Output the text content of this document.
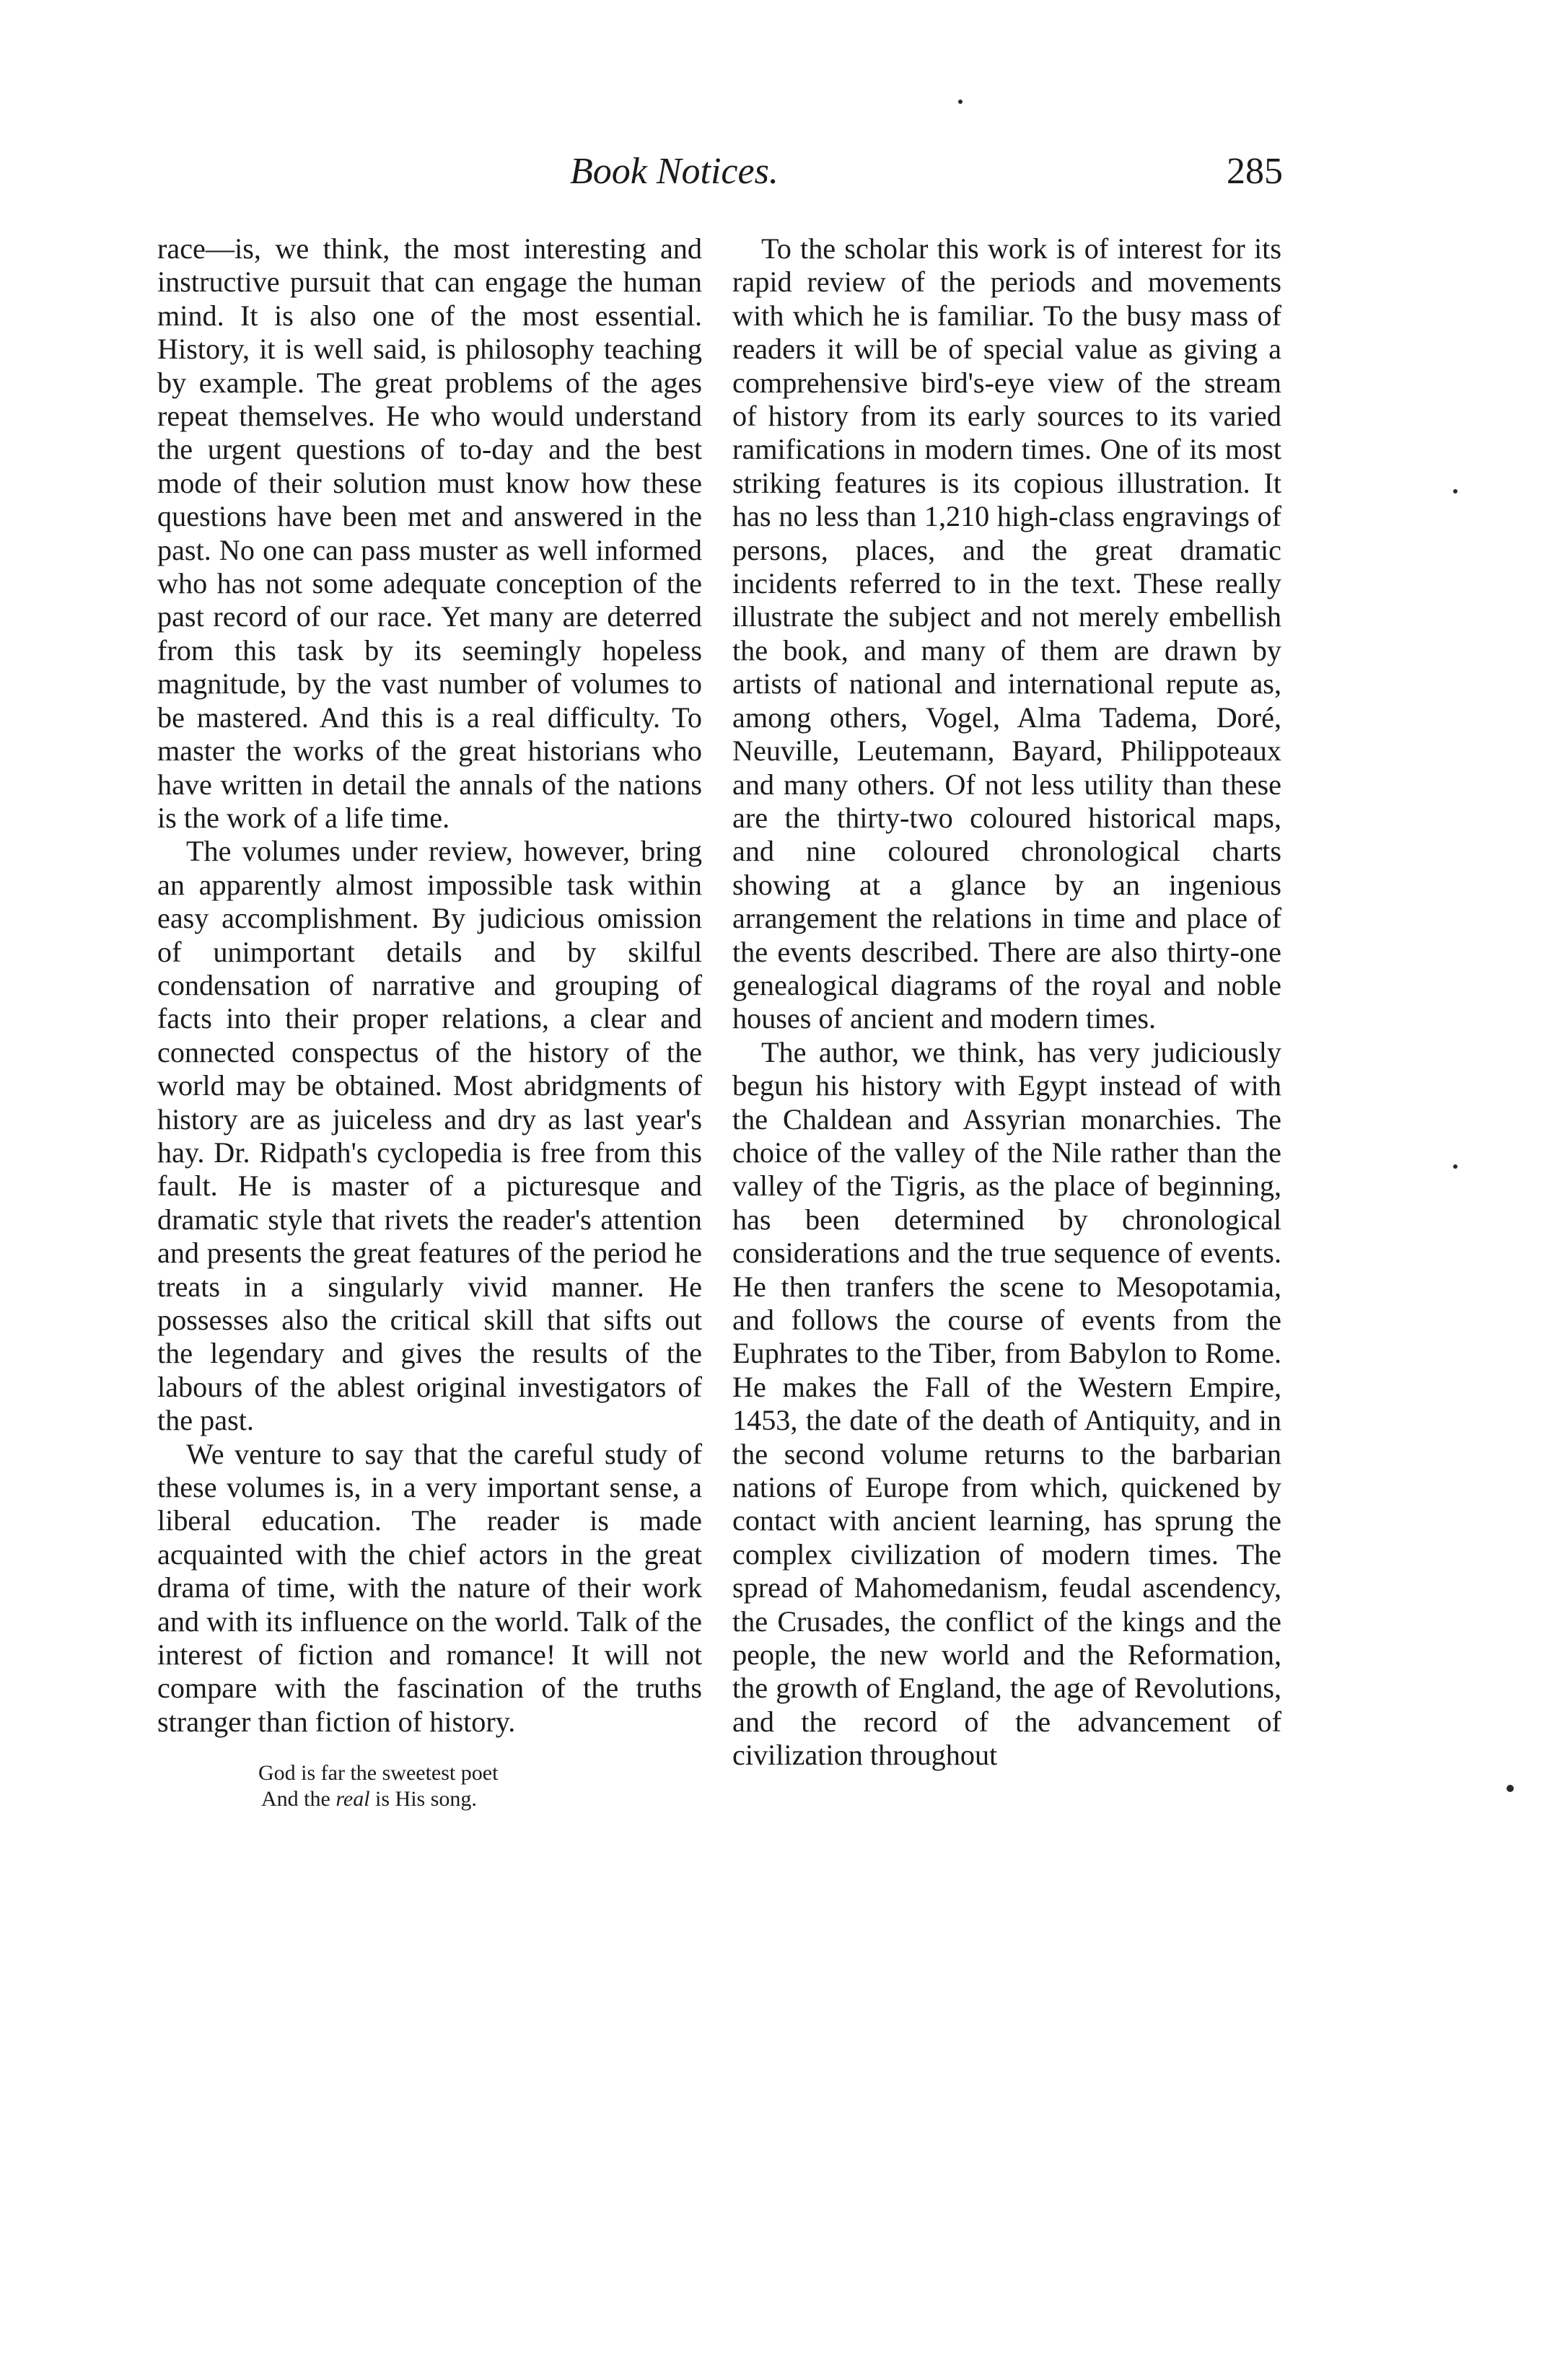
Book Notices.	285

race—is, we think, the most interesting and instructive pursuit that can engage the human mind. It is also one of the most essential. History, it is well said, is philosophy teaching by example. The great problems of the ages repeat themselves. He who would understand the urgent questions of to-day and the best mode of their solution must know how these questions have been met and answered in the past. No one can pass muster as well informed who has not some adequate conception of the past record of our race. Yet many are deterred from this task by its seemingly hopeless magnitude, by the vast number of volumes to be mastered. And this is a real difficulty. To master the works of the great historians who have written in detail the annals of the nations is the work of a life time.

The volumes under review, however, bring an apparently almost impossible task within easy accomplishment. By judicious omission of unimportant details and by skilful condensation of narrative and grouping of facts into their proper relations, a clear and connected conspectus of the history of the world may be obtained. Most abridgments of history are as juiceless and dry as last year's hay. Dr. Ridpath's cyclopedia is free from this fault. He is master of a picturesque and dramatic style that rivets the reader's attention and presents the great features of the period he treats in a singularly vivid manner. He possesses also the critical skill that sifts out the legendary and gives the results of the labours of the ablest original investigators of the past.

We venture to say that the careful study of these volumes is, in a very important sense, a liberal education. The reader is made acquainted with the chief actors in the great drama of time, with the nature of their work and with its influence on the world. Talk of the interest of fiction and romance! It will not compare with the fascination of the truths stranger than fiction of history.

God is far the sweetest poet
And the real is His song.

To the scholar this work is of interest for its rapid review of the periods and movements with which he is familiar. To the busy mass of readers it will be of special value as giving a comprehensive bird's-eye view of the stream of history from its early sources to its varied ramifications in modern times. One of its most striking features is its copious illustration. It has no less than 1,210 high-class engravings of persons, places, and the great dramatic incidents referred to in the text. These really illustrate the subject and not merely embellish the book, and many of them are drawn by artists of national and international repute as, among others, Vogel, Alma Tadema, Doré, Neuville, Leutemann, Bayard, Philippoteaux and many others. Of not less utility than these are the thirty-two coloured historical maps, and nine coloured chronological charts showing at a glance by an ingenious arrangement the relations in time and place of the events described. There are also thirty-one genealogical diagrams of the royal and noble houses of ancient and modern times.

The author, we think, has very judiciously begun his history with Egypt instead of with the Chaldean and Assyrian monarchies. The choice of the valley of the Nile rather than the valley of the Tigris, as the place of beginning, has been determined by chronological considerations and the true sequence of events. He then tranfers the scene to Mesopotamia, and follows the course of events from the Euphrates to the Tiber, from Babylon to Rome. He makes the Fall of the Western Empire, 1453, the date of the death of Antiquity, and in the second volume returns to the barbarian nations of Europe from which, quickened by contact with ancient learning, has sprung the complex civilization of modern times. The spread of Mahomedanism, feudal ascendency, the Crusades, the conflict of the kings and the people, the new world and the Reformation, the growth of England, the age of Revolutions, and the record of the advancement of civilization throughout
